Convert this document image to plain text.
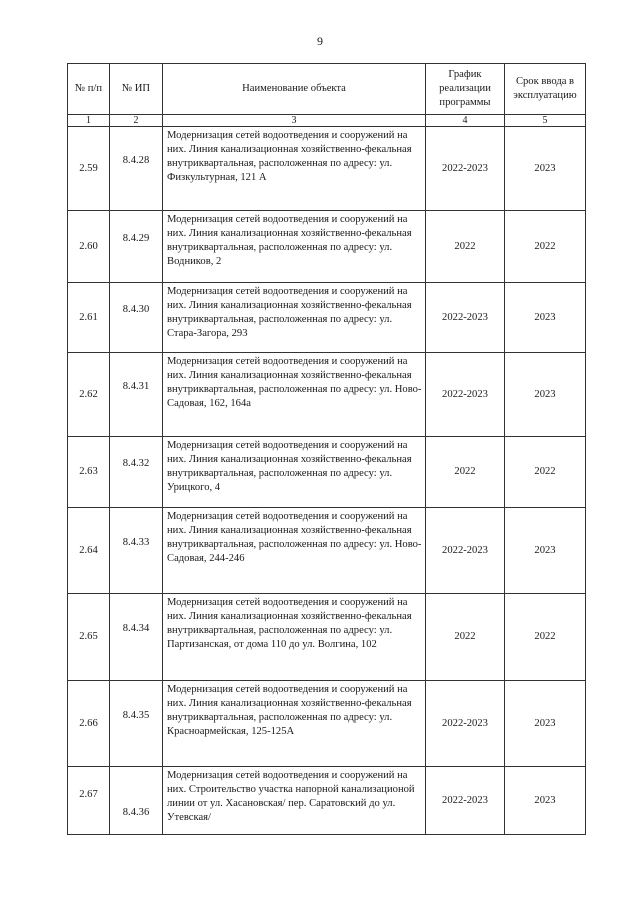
9
№ п/п	№ ИП	Наименование объекта	График реализации программы	Срок ввода в эксплуатацию
1	2	3	4	5
2.59	8.4.28	Модернизация сетей водоотведения и сооружений на них. Линия канализационная хозяйственно-фекальная внутриквартальная, расположенная по адресу: ул. Физкультурная, 121 А	2022-2023	2023
2.60	8.4.29	Модернизация сетей водоотведения и сооружений на них. Линия канализационная хозяйственно-фекальная внутриквартальная, расположенная по адресу: ул. Водников, 2	2022	2022
2.61	8.4.30	Модернизация сетей водоотведения и сооружений на них. Линия канализационная хозяйственно-фекальная внутриквартальная, расположенная по адресу: ул. Стара-Загора, 293	2022-2023	2023
2.62	8.4.31	Модернизация сетей водоотведения и сооружений на них. Линия канализационная хозяйственно-фекальная внутриквартальная, расположенная по адресу: ул. Ново-Садовая, 162, 164а	2022-2023	2023
2.63	8.4.32	Модернизация сетей водоотведения и сооружений на них. Линия канализационная хозяйственно-фекальная внутриквартальная, расположенная по адресу: ул. Урицкого, 4	2022	2022
2.64	8.4.33	Модернизация сетей водоотведения и сооружений на них. Линия канализационная хозяйственно-фекальная внутриквартальная, расположенная по адресу: ул. Ново-Садовая, 244-246	2022-2023	2023
2.65	8.4.34	Модернизация сетей водоотведения и сооружений на них. Линия канализационная хозяйственно-фекальная внутриквартальная, расположенная по адресу: ул. Партизанская, от дома 110 до ул. Волгина, 102	2022	2022
2.66	8.4.35	Модернизация сетей водоотведения и сооружений на них. Линия канализационная хозяйственно-фекальная внутриквартальная, расположенная по адресу: ул. Красноармейская, 125-125А	2022-2023	2023
2.67	8.4.36	Модернизация сетей водоотведения и сооружений на них. Строительство участка напорной канализационой линии от ул. Хасановская/ пер. Саратовский до ул. Утевская/	2022-2023	2023
